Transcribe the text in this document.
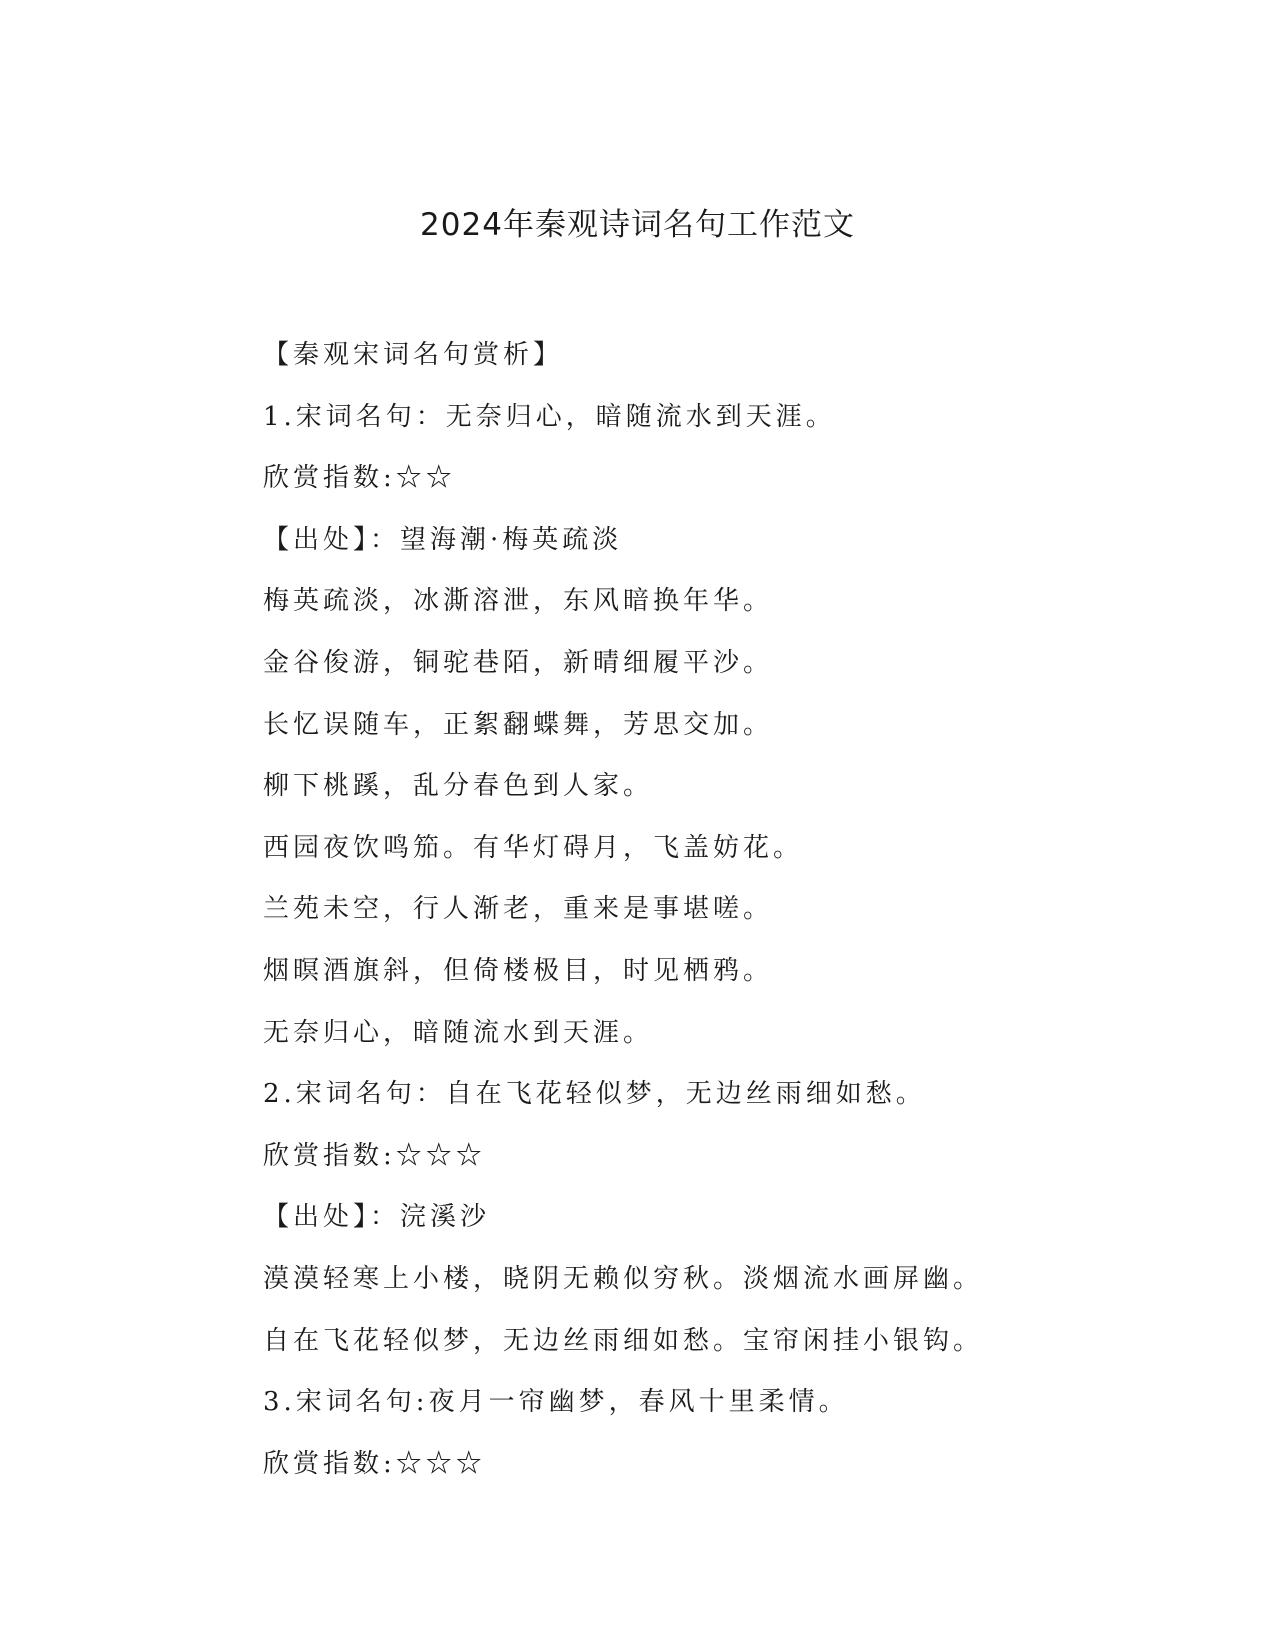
2024年秦观诗词名句工作范文
【秦观宋词名句赏析】
1.宋词名句：无奈归心，暗随流水到天涯。
欣赏指数:☆☆
【出处】：望海潮·梅英疏淡
梅英疏淡，冰澌溶泄，东风暗换年华。
金谷俊游，铜驼巷陌，新晴细履平沙。
长忆误随车，正絮翻蝶舞，芳思交加。
柳下桃蹊，乱分春色到人家。
西园夜饮鸣笳。有华灯碍月，飞盖妨花。
兰苑未空，行人渐老，重来是事堪嗟。
烟暝酒旗斜，但倚楼极目，时见栖鸦。
无奈归心，暗随流水到天涯。
2.宋词名句：自在飞花轻似梦，无边丝雨细如愁。
欣赏指数:☆☆☆
【出处】：浣溪沙
漠漠轻寒上小楼，晓阴无赖似穷秋。淡烟流水画屏幽。
自在飞花轻似梦，无边丝雨细如愁。宝帘闲挂小银钩。
3.宋词名句:夜月一帘幽梦，春风十里柔情。
欣赏指数:☆☆☆
